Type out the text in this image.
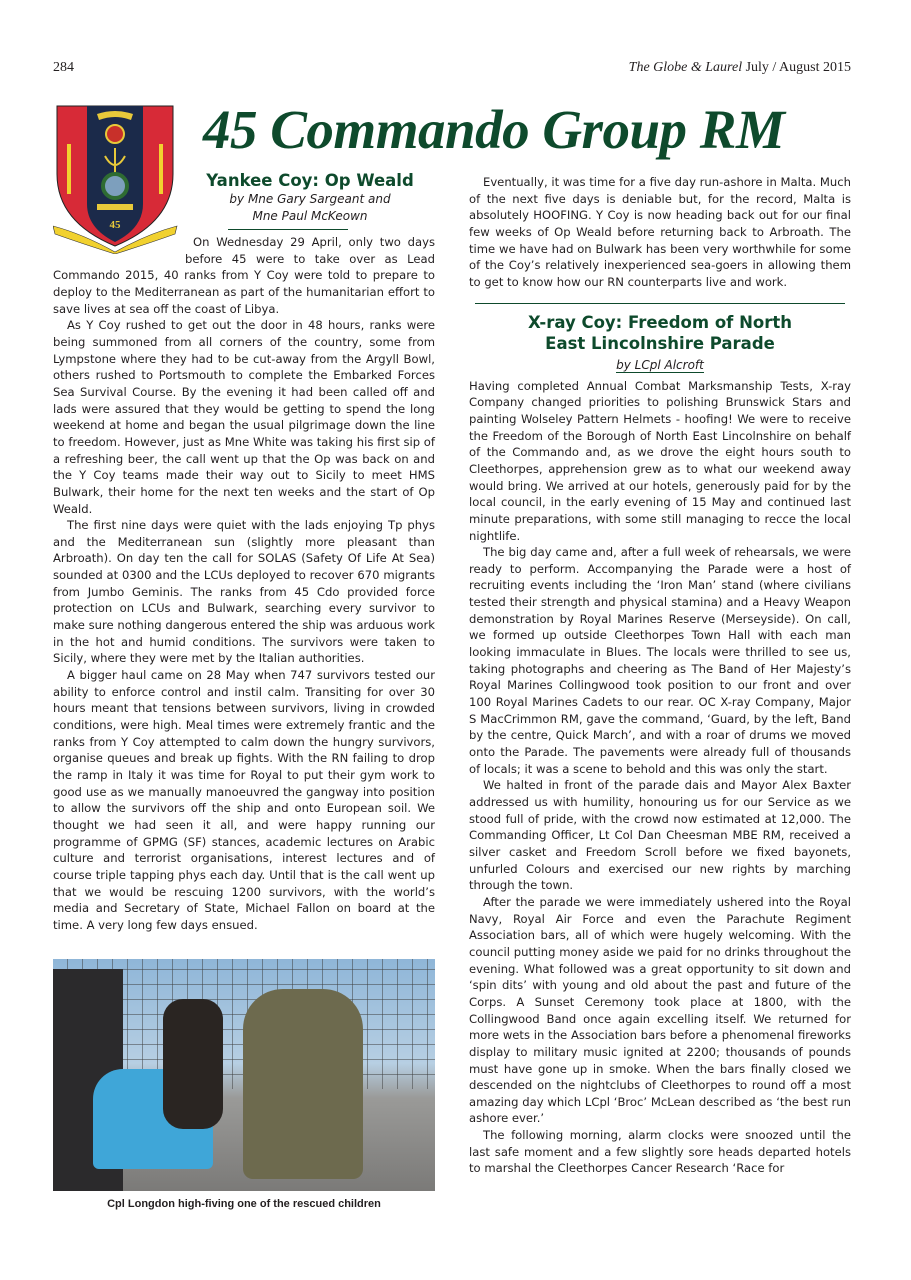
284	The Globe & Laurel July / August 2015
45 Commando Group RM
45
Yankee Coy: Op Weald
by Mne Gary Sargeant and
Mne Paul McKeown

On Wednesday 29 April, only two days before 45 were to take over as Lead Commando 2015, 40 ranks from Y Coy were told to prepare to deploy to the Mediterranean as part of the humanitarian effort to save lives at sea off the coast of Libya.

As Y Coy rushed to get out the door in 48 hours, ranks were being summoned from all corners of the country, some from Lympstone where they had to be cut-away from the Argyll Bowl, others rushed to Portsmouth to complete the Embarked Forces Sea Survival Course. By the evening it had been called off and lads were assured that they would be getting to spend the long weekend at home and began the usual pilgrimage down the line to freedom. However, just as Mne White was taking his first sip of a refreshing beer, the call went up that the Op was back on and the Y Coy teams made their way out to Sicily to meet HMS Bulwark, their home for the next ten weeks and the start of Op Weald.

The first nine days were quiet with the lads enjoying Tp phys and the Mediterranean sun (slightly more pleasant than Arbroath). On day ten the call for SOLAS (Safety Of Life At Sea) sounded at 0300 and the LCUs deployed to recover 670 migrants from Jumbo Geminis. The ranks from 45 Cdo provided force protection on LCUs and Bulwark, searching every survivor to make sure nothing dangerous entered the ship was arduous work in the hot and humid conditions. The survivors were taken to Sicily, where they were met by the Italian authorities.

A bigger haul came on 28 May when 747 survivors tested our ability to enforce control and instil calm. Transiting for over 30 hours meant that tensions between survivors, living in crowded conditions, were high. Meal times were extremely frantic and the ranks from Y Coy attempted to calm down the hungry survivors, organise queues and break up fights. With the RN failing to drop the ramp in Italy it was time for Royal to put their gym work to good use as we manually manoeuvred the gangway into position to allow the survivors off the ship and onto European soil. We thought we had seen it all, and were happy running our programme of GPMG (SF) stances, academic lectures on Arabic culture and terrorist organisations, interest lectures and of course triple tapping phys each day. Until that is the call went up that we would be rescuing 1200 survivors, with the world’s media and Secretary of State, Michael Fallon on board at the time. A very long few days ensued.

Cpl Longdon high-fiving one of the rescued children

Eventually, it was time for a five day run-ashore in Malta. Much of the next five days is deniable but, for the record, Malta is absolutely HOOFING. Y Coy is now heading back out for our final few weeks of Op Weald before returning back to Arbroath. The time we have had on Bulwark has been very worthwhile for some of the Coy’s relatively inexperienced sea-goers in allowing them to get to know how our RN counterparts live and work.

X-ray Coy: Freedom of North East Lincolnshire Parade
by LCpl Alcroft

Having completed Annual Combat Marksmanship Tests, X-ray Company changed priorities to polishing Brunswick Stars and painting Wolseley Pattern Helmets - hoofing! We were to receive the Freedom of the Borough of North East Lincolnshire on behalf of the Commando and, as we drove the eight hours south to Cleethorpes, apprehension grew as to what our weekend away would bring. We arrived at our hotels, generously paid for by the local council, in the early evening of 15 May and continued last minute preparations, with some still managing to recce the local nightlife.

The big day came and, after a full week of rehearsals, we were ready to perform. Accompanying the Parade were a host of recruiting events including the ‘Iron Man’ stand (where civilians tested their strength and physical stamina) and a Heavy Weapon demonstration by Royal Marines Reserve (Merseyside). On call, we formed up outside Cleethorpes Town Hall with each man looking immaculate in Blues. The locals were thrilled to see us, taking photographs and cheering as The Band of Her Majesty’s Royal Marines Collingwood took position to our front and over 100 Royal Marines Cadets to our rear. OC X-ray Company, Major S MacCrimmon RM, gave the command, ‘Guard, by the left, Band by the centre, Quick March’, and with a roar of drums we moved onto the Parade. The pavements were already full of thousands of locals; it was a scene to behold and this was only the start.

We halted in front of the parade dais and Mayor Alex Baxter addressed us with humility, honouring us for our Service as we stood full of pride, with the crowd now estimated at 12,000. The Commanding Officer, Lt Col Dan Cheesman MBE RM, received a silver casket and Freedom Scroll before we fixed bayonets, unfurled Colours and exercised our new rights by marching through the town.

After the parade we were immediately ushered into the Royal Navy, Royal Air Force and even the Parachute Regiment Association bars, all of which were hugely welcoming. With the council putting money aside we paid for no drinks throughout the evening. What followed was a great opportunity to sit down and ‘spin dits’ with young and old about the past and future of the Corps. A Sunset Ceremony took place at 1800, with the Collingwood Band once again excelling itself. We returned for more wets in the Association bars before a phenomenal fireworks display to military music ignited at 2200; thousands of pounds must have gone up in smoke. When the bars finally closed we descended on the nightclubs of Cleethorpes to round off a most amazing day which LCpl ‘Broc’ McLean described as ‘the best run ashore ever.’

The following morning, alarm clocks were snoozed until the last safe moment and a few slightly sore heads departed hotels to marshal the Cleethorpes Cancer Research ‘Race for
